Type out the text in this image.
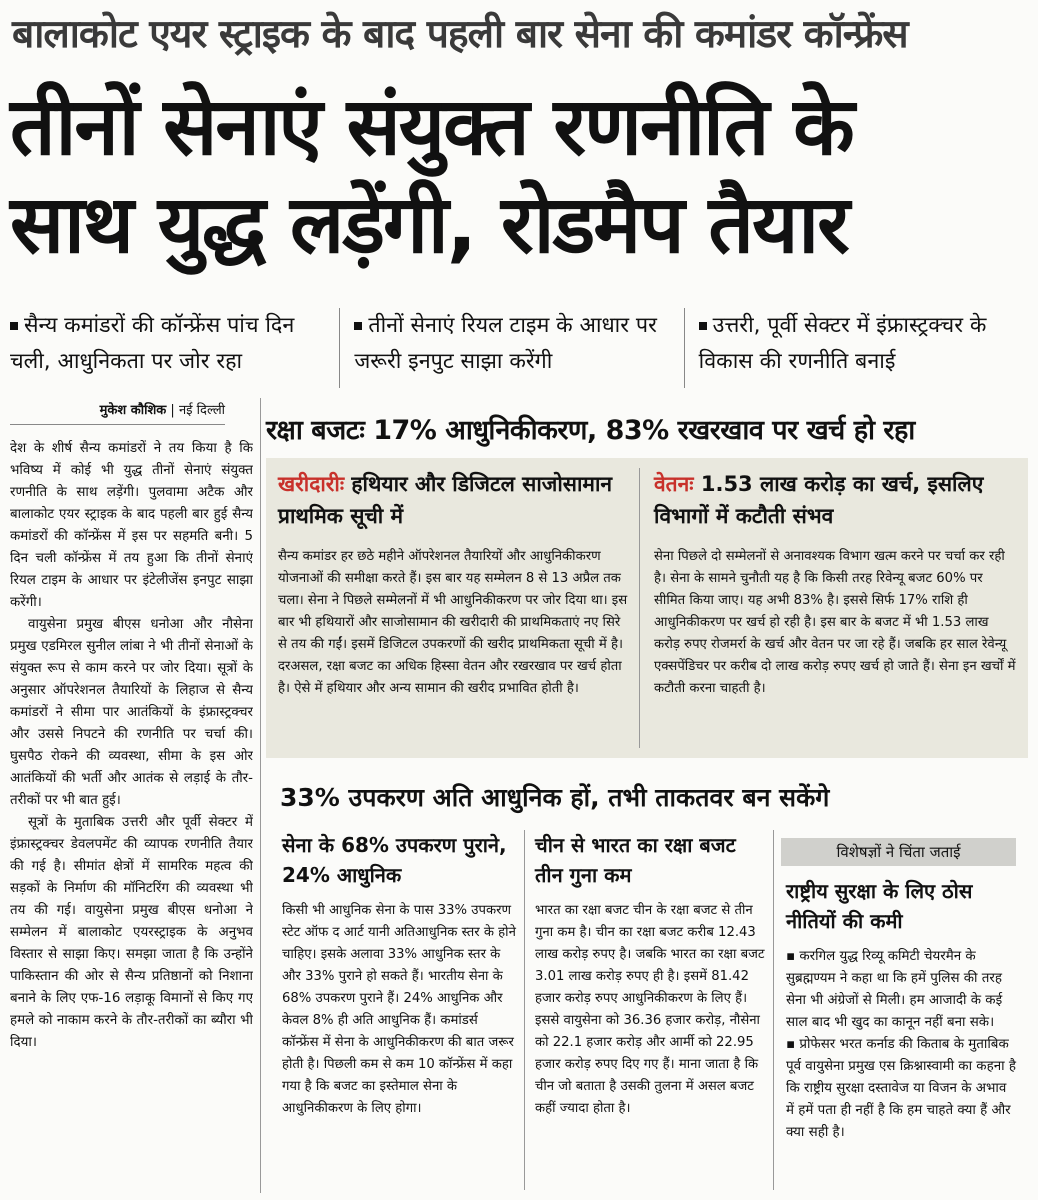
बालाकोट एयर स्ट्राइक के बाद पहली बार सेना की कमांडर कॉन्फ्रेंस
तीनों सेनाएं संयुक्त रणनीति के
साथ युद्ध लड़ेंगी, रोडमैप तैयार
सैन्य कमांडरों की कॉन्फ्रेंस पांच दिन चली, आधुनिकता पर जोर रहा
तीनों सेनाएं रियल टाइम के आधार पर जरूरी इनपुट साझा करेंगी
उत्तरी, पूर्वी सेक्टर में इंफ्रास्ट्रक्चर के विकास की रणनीति बनाई
मुकेश कौशिक | नई दिल्ली

देश के शीर्ष सैन्य कमांडरों ने तय किया है कि भविष्य में कोई भी युद्ध तीनों सेनाएं संयुक्त रणनीति के साथ लड़ेंगी। पुलवामा अटैक और बालाकोट एयर स्ट्राइक के बाद पहली बार हुई सैन्य कमांडरों की कॉन्फ्रेंस में इस पर सहमति बनी। 5 दिन चली कॉन्फ्रेंस में तय हुआ कि तीनों सेनाएं रियल टाइम के आधार पर इंटेलीजेंस इनपुट साझा करेंगी।

वायुसेना प्रमुख बीएस धनोआ और नौसेना प्रमुख एडमिरल सुनील लांबा ने भी तीनों सेनाओं के संयुक्त रूप से काम करने पर जोर दिया। सूत्रों के अनुसार ऑपरेशनल तैयारियों के लिहाज से सैन्य कमांडरों ने सीमा पार आतंकियों के इंफ्रास्ट्रक्चर और उससे निपटने की रणनीति पर चर्चा की। घुसपैठ रोकने की व्यवस्था, सीमा के इस ओर आतंकियों की भर्ती और आतंक से लड़ाई के तौर-तरीकों पर भी बात हुई।

सूत्रों के मुताबिक उत्तरी और पूर्वी सेक्टर में इंफ्रास्ट्रक्चर डेवलपमेंट की व्यापक रणनीति तैयार की गई है। सीमांत क्षेत्रों में सामरिक महत्व की सड़कों के निर्माण की मॉनिटरिंग की व्यवस्था भी तय की गई। वायुसेना प्रमुख बीएस धनोआ ने सम्मेलन में बालाकोट एयरस्ट्राइक के अनुभव विस्तार से साझा किए। समझा जाता है कि उन्होंने पाकिस्तान की ओर से सैन्य प्रतिष्ठानों को निशाना बनाने के लिए एफ-16 लड़ाकू विमानों से किए गए हमले को नाकाम करने के तौर-तरीकों का ब्यौरा भी दिया।

रक्षा बजटः 17% आधुनिकीकरण, 83% रखरखाव पर खर्च हो रहा
खरीदारीः हथियार और डिजिटल साजोसामान प्राथमिक सूची में
सैन्य कमांडर हर छठे महीने ऑपरेशनल तैयारियों और आधुनिकीकरण योजनाओं की समीक्षा करते हैं। इस बार यह सम्मेलन 8 से 13 अप्रैल तक चला। सेना ने पिछले सम्मेलनों में भी आधुनिकीकरण पर जोर दिया था। इस बार भी हथियारों और साजोसामान की खरीदारी की प्राथमिकताएं नए सिरे से तय की गईं। इसमें डिजिटल उपकरणों की खरीद प्राथमिकता सूची में है। दरअसल, रक्षा बजट का अधिक हिस्सा वेतन और रखरखाव पर खर्च होता है। ऐसे में हथियार और अन्य सामान की खरीद प्रभावित होती है।
वेतनः 1.53 लाख करोड़ का खर्च, इसलिए विभागों में कटौती संभव
सेना पिछले दो सम्मेलनों से अनावश्यक विभाग खत्म करने पर चर्चा कर रही है। सेना के सामने चुनौती यह है कि किसी तरह रिवेन्यू बजट 60% पर सीमित किया जाए। यह अभी 83% है। इससे सिर्फ 17% राशि ही आधुनिकीकरण पर खर्च हो रही है। इस बार के बजट में भी 1.53 लाख करोड़ रुपए रोजमर्रा के खर्च और वेतन पर जा रहे हैं। जबकि हर साल रेवेन्यू एक्सपेंडिचर पर करीब दो लाख करोड़ रुपए खर्च हो जाते हैं। सेना इन खर्चों में कटौती करना चाहती है।
33% उपकरण अति आधुनिक हों, तभी ताकतवर बन सकेंगे
सेना के 68% उपकरण पुराने, 24% आधुनिक
किसी भी आधुनिक सेना के पास 33% उपकरण स्टेट ऑफ द आर्ट यानी अतिआधुनिक स्तर के होने चाहिए। इसके अलावा 33% आधुनिक स्तर के और 33% पुराने हो सकते हैं। भारतीय सेना के 68% उपकरण पुराने हैं। 24% आधुनिक और केवल 8% ही अति आधुनिक हैं। कमांडर्स कॉन्फ्रेंस में सेना के आधुनिकीकरण की बात जरूर होती है। पिछली कम से कम 10 कॉन्फ्रेंस में कहा गया है कि बजट का इस्तेमाल सेना के आधुनिकीकरण के लिए होगा।
चीन से भारत का रक्षा बजट तीन गुना कम
भारत का रक्षा बजट चीन के रक्षा बजट से तीन गुना कम है। चीन का रक्षा बजट करीब 12.43 लाख करोड़ रुपए है। जबकि भारत का रक्षा बजट 3.01 लाख करोड़ रुपए ही है। इसमें 81.42 हजार करोड़ रुपए आधुनिकीकरण के लिए हैं। इससे वायुसेना को 36.36 हजार करोड़, नौसेना को 22.1 हजार करोड़ और आर्मी को 22.95 हजार करोड़ रुपए दिए गए हैं। माना जाता है कि चीन जो बताता है उसकी तुलना में असल बजट कहीं ज्यादा होता है।
विशेषज्ञों ने चिंता जताई
राष्ट्रीय सुरक्षा के लिए ठोस नीतियों की कमी
▪ करगिल युद्ध रिव्यू कमिटी चेयरमैन के सुब्रह्मण्यम ने कहा था कि हमें पुलिस की तरह सेना भी अंग्रेजों से मिली। हम आजादी के कई साल बाद भी खुद का कानून नहीं बना सके।
▪ प्रोफेसर भरत कर्नाड की किताब के मुताबिक पूर्व वायुसेना प्रमुख एस क्रिश्नास्वामी का कहना है कि राष्ट्रीय सुरक्षा दस्तावेज या विजन के अभाव में हमें पता ही नहीं है कि हम चाहते क्या हैं और क्या सही है।
